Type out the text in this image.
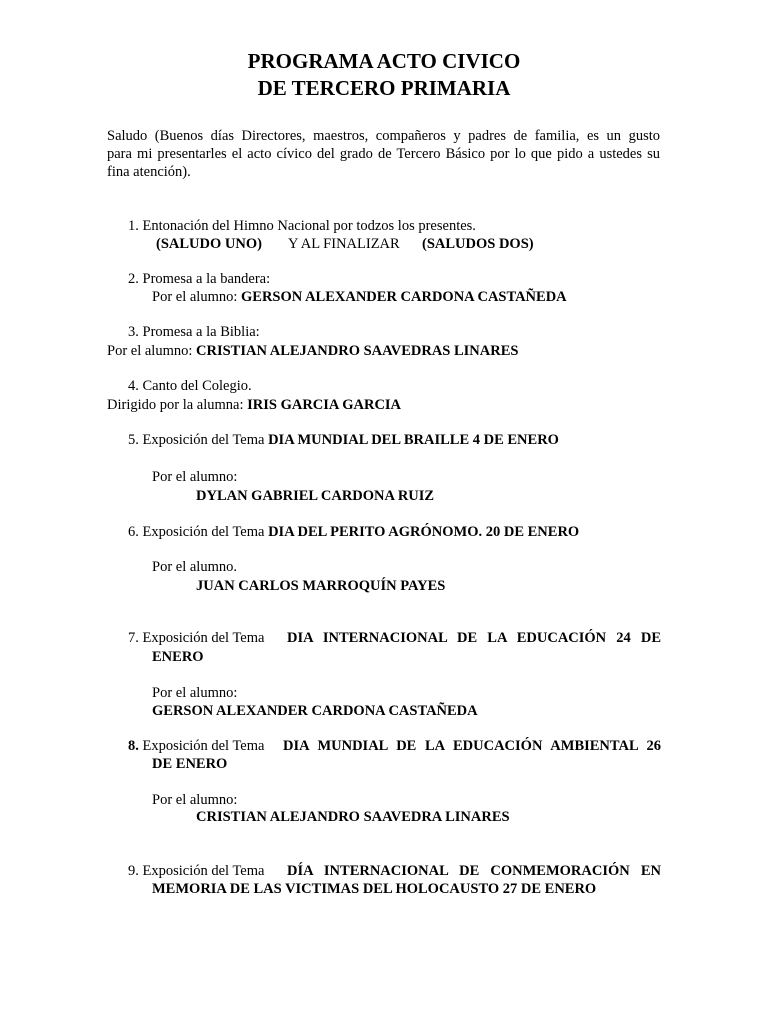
PROGRAMA ACTO CIVICO
DE TERCERO PRIMARIA
Saludo (Buenos días Directores, maestros, compañeros y padres de familia, es un gusto
para mi presentarles el acto cívico del grado de Tercero Básico por lo que pido a ustedes su
fina atención).
1. Entonación del Himno Nacional por todzos los presentes.
(SALUDO UNO) Y AL FINALIZAR (SALUDOS DOS)
2. Promesa a la bandera:
Por el alumno: GERSON ALEXANDER CARDONA CASTAÑEDA
3. Promesa a la Biblia:
Por el alumno: CRISTIAN ALEJANDRO SAAVEDRAS LINARES
4. Canto del Colegio.
Dirigido por la alumna: IRIS GARCIA GARCIA
5. Exposición del Tema DIA MUNDIAL DEL BRAILLE 4 DE ENERO
Por el alumno:
DYLAN GABRIEL CARDONA RUIZ
6. Exposición del Tema DIA DEL PERITO AGRÓNOMO. 20 DE ENERO
Por el alumno.
JUAN CARLOS MARROQUÍN PAYES
7. Exposición del Tema DIA INTERNACIONAL DE LA EDUCACIÓN 24 DE
ENERO
Por el alumno:
GERSON ALEXANDER CARDONA CASTAÑEDA
8. Exposición del Tema DIA MUNDIAL DE LA EDUCACIÓN AMBIENTAL 26
DE ENERO
Por el alumno:
CRISTIAN ALEJANDRO SAAVEDRA LINARES
9. Exposición del Tema DÍA INTERNACIONAL DE CONMEMORACIÓN EN
MEMORIA DE LAS VICTIMAS DEL HOLOCAUSTO 27 DE ENERO
